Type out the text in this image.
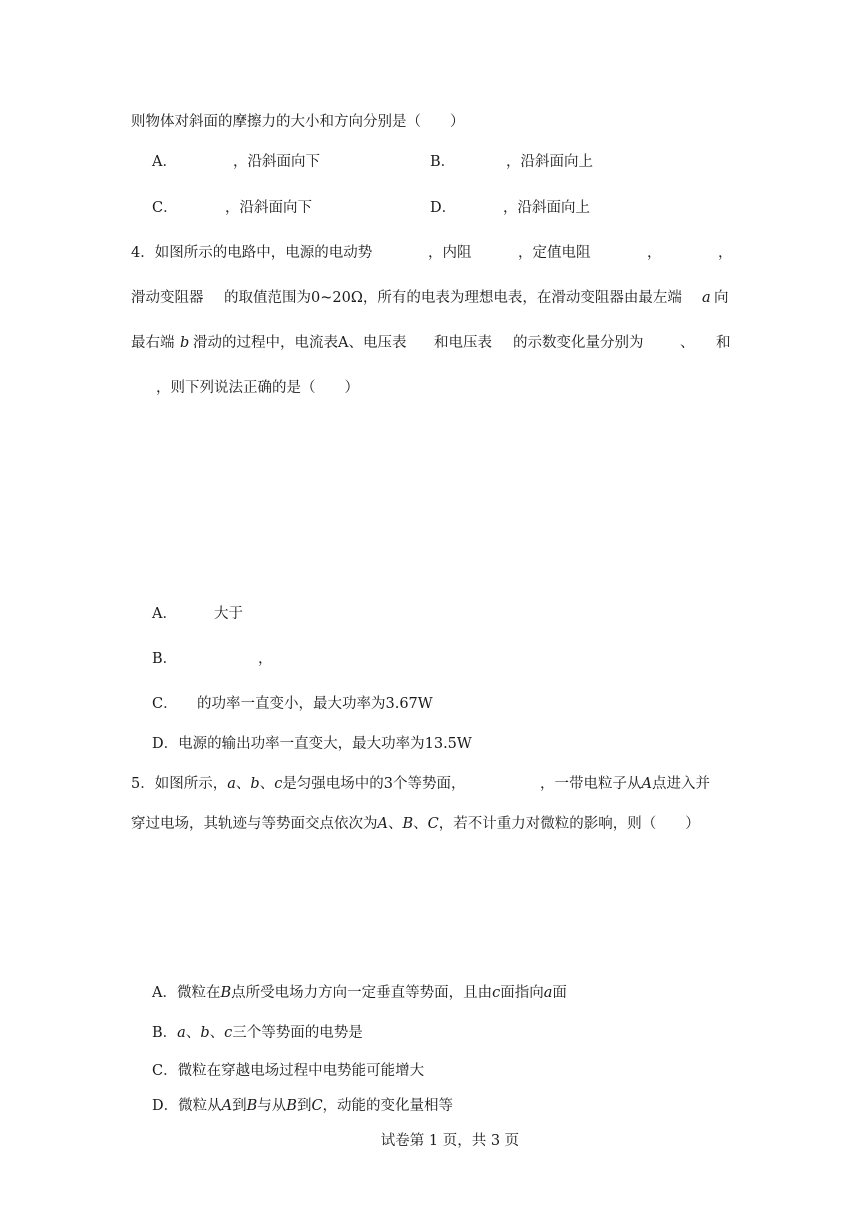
则物体对斜面的摩擦力的大小和方向分别是（　　）
A．	，沿斜面向下	B．	，沿斜面向上
C．	，沿斜面向下	D．	，沿斜面向上
4．如图所示的电路中，电源的电动势	，内阻	，定值电阻	，	，
滑动变阻器 的取值范围为0~20Ω，所有的电表为理想电表，在滑动变阻器由最左端 a 向
最右端 b 滑动的过程中，电流表A、电压表 和电压表 的示数变化量分别为	、 和
，则下列说法正确的是（　　）
A．	大于
B．	，
C． 的功率一直变小，最大功率为3.67W
D．电源的输出功率一直变大，最大功率为13.5W
5．如图所示，a、b、c是匀强电场中的3个等势面，	，一带电粒子从A点进入并
穿过电场，其轨迹与等势面交点依次为A、B、C，若不计重力对微粒的影响，则（　　）
A．微粒在B点所受电场力方向一定垂直等势面，且由c面指向a面
B．a、b、c三个等势面的电势是
C．微粒在穿越电场过程中电势能可能增大
D．微粒从A到B与从B到C，动能的变化量相等
试卷第 1 页，共 3 页
